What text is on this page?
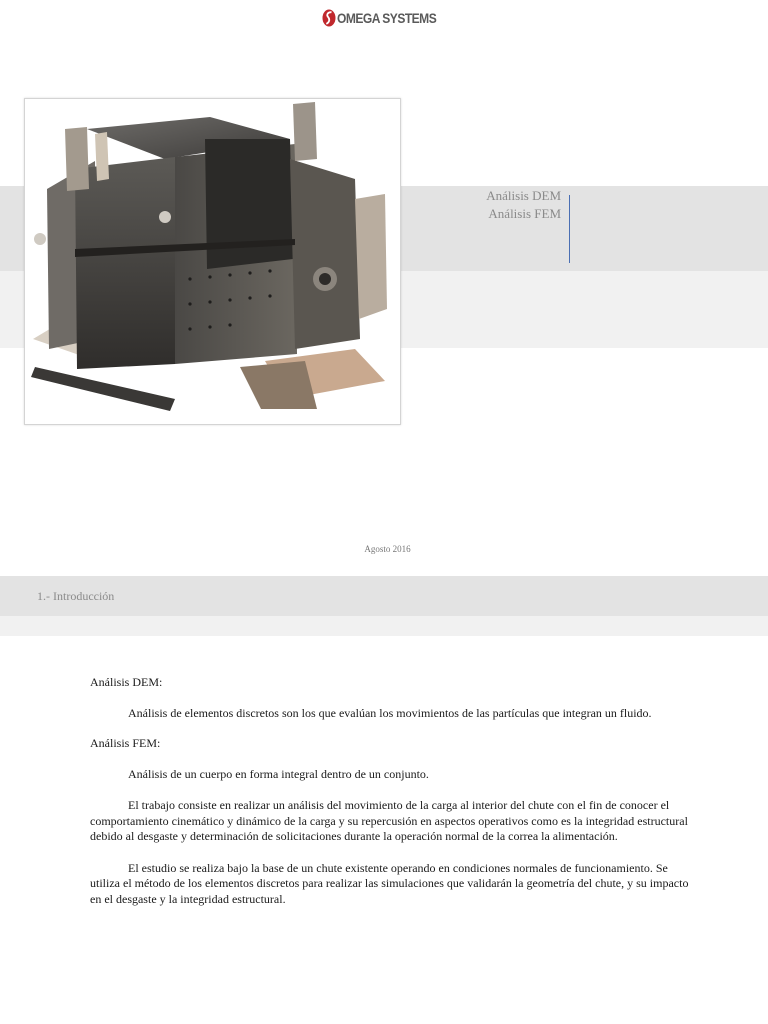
OMEGA SYSTEMS
Análisis DEM
Análisis FEM
Agosto 2016
1.- Introducción

Análisis DEM:

Análisis de elementos discretos son los que evalúan los movimientos de las partículas que integran un fluido.

Análisis FEM:

Análisis de un cuerpo en forma integral dentro de un conjunto.

El trabajo consiste en realizar un análisis del movimiento de la carga al interior del chute con el fin de conocer el comportamiento cinemático y dinámico de la carga y su repercusión en aspectos operativos como es la integridad estructural debido al desgaste y determinación de solicitaciones durante la operación normal de la correa la alimentación.

El estudio se realiza bajo la base de un chute existente operando en condiciones normales de funcionamiento. Se utiliza el método de los elementos discretos para realizar las simulaciones que validarán la geometría del chute, y su impacto en el desgaste y la integridad estructural.
